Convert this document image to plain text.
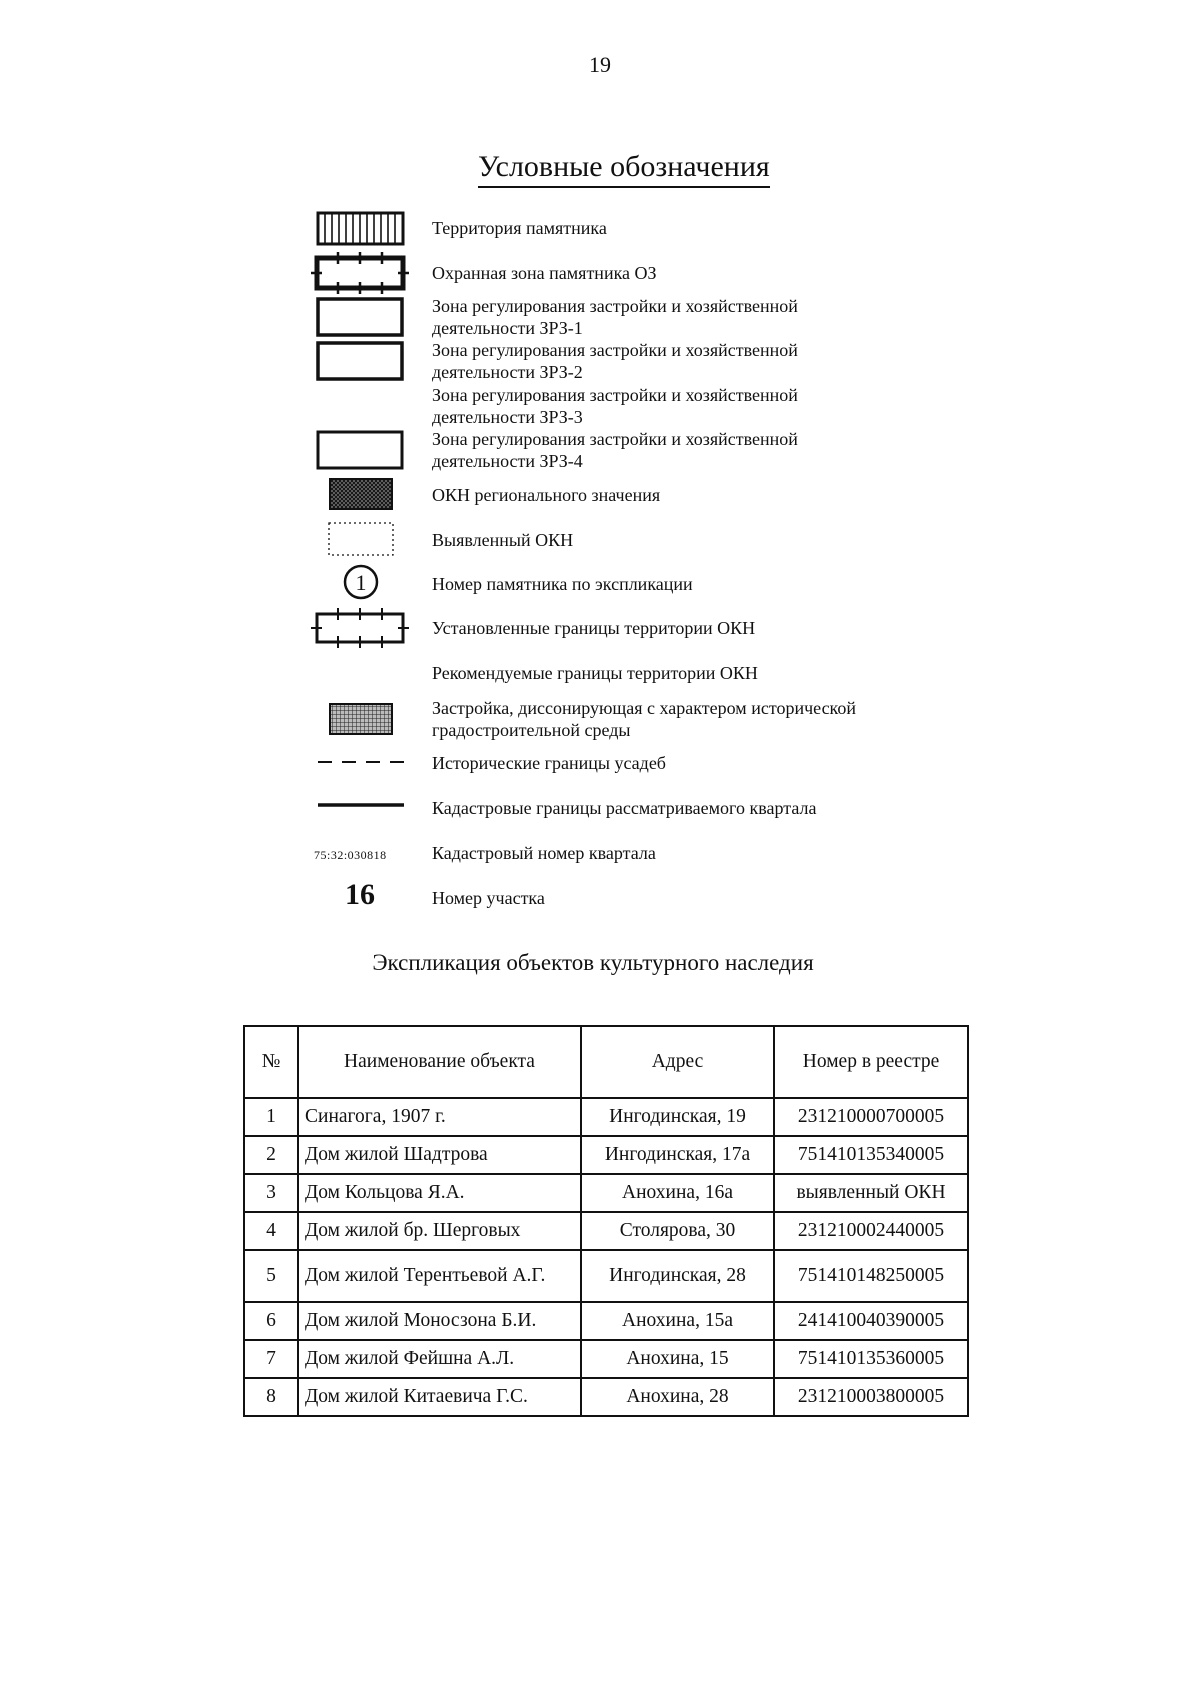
19
Условные обозначения
1
75:32:030818
16
Территория памятника
Охранная зона памятника ОЗ
Зона регулирования застройки и хозяйственной
деятельности ЗРЗ-1
Зона регулирования застройки и хозяйственной
деятельности ЗРЗ-2
Зона регулирования застройки и хозяйственной
деятельности ЗРЗ-3
Зона регулирования застройки и хозяйственной
деятельности ЗРЗ-4
ОКН регионального значения
Выявленный ОКН
Номер памятника по экспликации
Установленные границы территории ОКН
Рекомендуемые границы территории ОКН
Застройка, диссонирующая с характером исторической
градостроительной среды
Исторические границы усадеб
Кадастровые границы рассматриваемого квартала
Кадастровый номер квартала
Номер участка
Экспликация объектов культурного наследия
№	Наименование объекта	Адрес	Номер в реестре
1	Синагога, 1907 г.	Ингодинская, 19	231210000700005
2	Дом жилой Шадтрова	Ингодинская, 17а	751410135340005
3	Дом Кольцова Я.А.	Анохина, 16а	выявленный ОКН
4	Дом жилой бр. Шерговых	Столярова, 30	231210002440005
5	Дом жилой Терентьевой А.Г.	Ингодинская, 28	751410148250005
6	Дом жилой Моносзона Б.И.	Анохина, 15а	241410040390005
7	Дом жилой Фейшна А.Л.	Анохина, 15	751410135360005
8	Дом жилой Китаевича Г.С.	Анохина, 28	231210003800005
